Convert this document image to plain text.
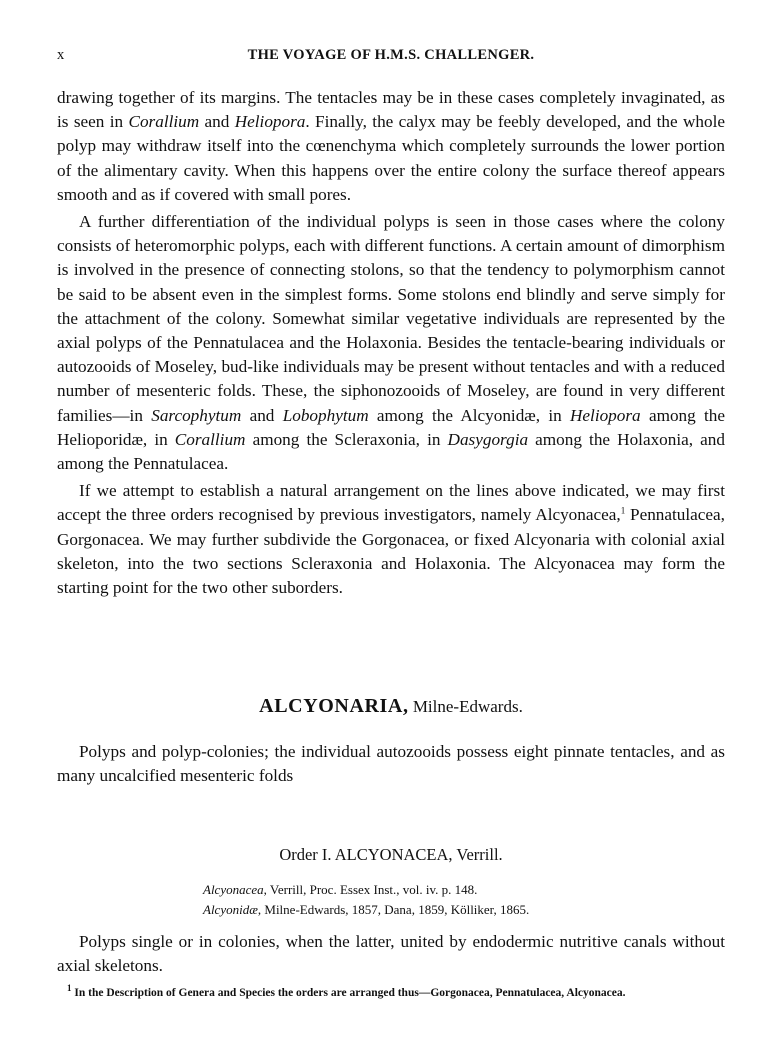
x	THE VOYAGE OF H.M.S. CHALLENGER.

drawing together of its margins. The tentacles may be in these cases completely invaginated, as is seen in Corallium and Heliopora. Finally, the calyx may be feebly developed, and the whole polyp may withdraw itself into the cœnenchyma which completely surrounds the lower portion of the alimentary cavity. When this happens over the entire colony the surface thereof appears smooth and as if covered with small pores.

A further differentiation of the individual polyps is seen in those cases where the colony consists of heteromorphic polyps, each with different functions. A certain amount of dimorphism is involved in the presence of connecting stolons, so that the tendency to polymorphism cannot be said to be absent even in the simplest forms. Some stolons end blindly and serve simply for the attachment of the colony. Somewhat similar vegetative individuals are represented by the axial polyps of the Pennatulacea and the Holaxonia. Besides the tentacle-bearing individuals or autozooids of Moseley, bud-like individuals may be present without tentacles and with a reduced number of mesenteric folds. These, the siphonozooids of Moseley, are found in very different families—in Sarcophytum and Lobophytum among the Alcyonidæ, in Heliopora among the Helioporidæ, in Corallium among the Scleraxonia, in Dasygorgia among the Holaxonia, and among the Pennatulacea.

If we attempt to establish a natural arrangement on the lines above indicated, we may first accept the three orders recognised by previous investigators, namely Alcyonacea,$^1$ Pennatulacea, Gorgonacea. We may further subdivide the Gorgonacea, or fixed Alcyonaria with colonial axial skeleton, into the two sections Scleraxonia and Holaxonia. The Alcyonacea may form the starting point for the two other suborders.

ALCYONARIA, Milne-Edwards.

Polyps and polyp-colonies; the individual autozooids possess eight pinnate tentacles, and as many uncalcified mesenteric folds

Order I. ALCYONACEA, Verrill.
Alcyonacea, Verrill, Proc. Essex Inst., vol. iv. p. 148.
Alcyonidæ, Milne-Edwards, 1857, Dana, 1859, Kölliker, 1865.

Polyps single or in colonies, when the latter, united by endodermic nutritive canals without axial skeletons.

$^1$ In the Description of Genera and Species the orders are arranged thus—Gorgonacea, Pennatulacea, Alcyonacea.
